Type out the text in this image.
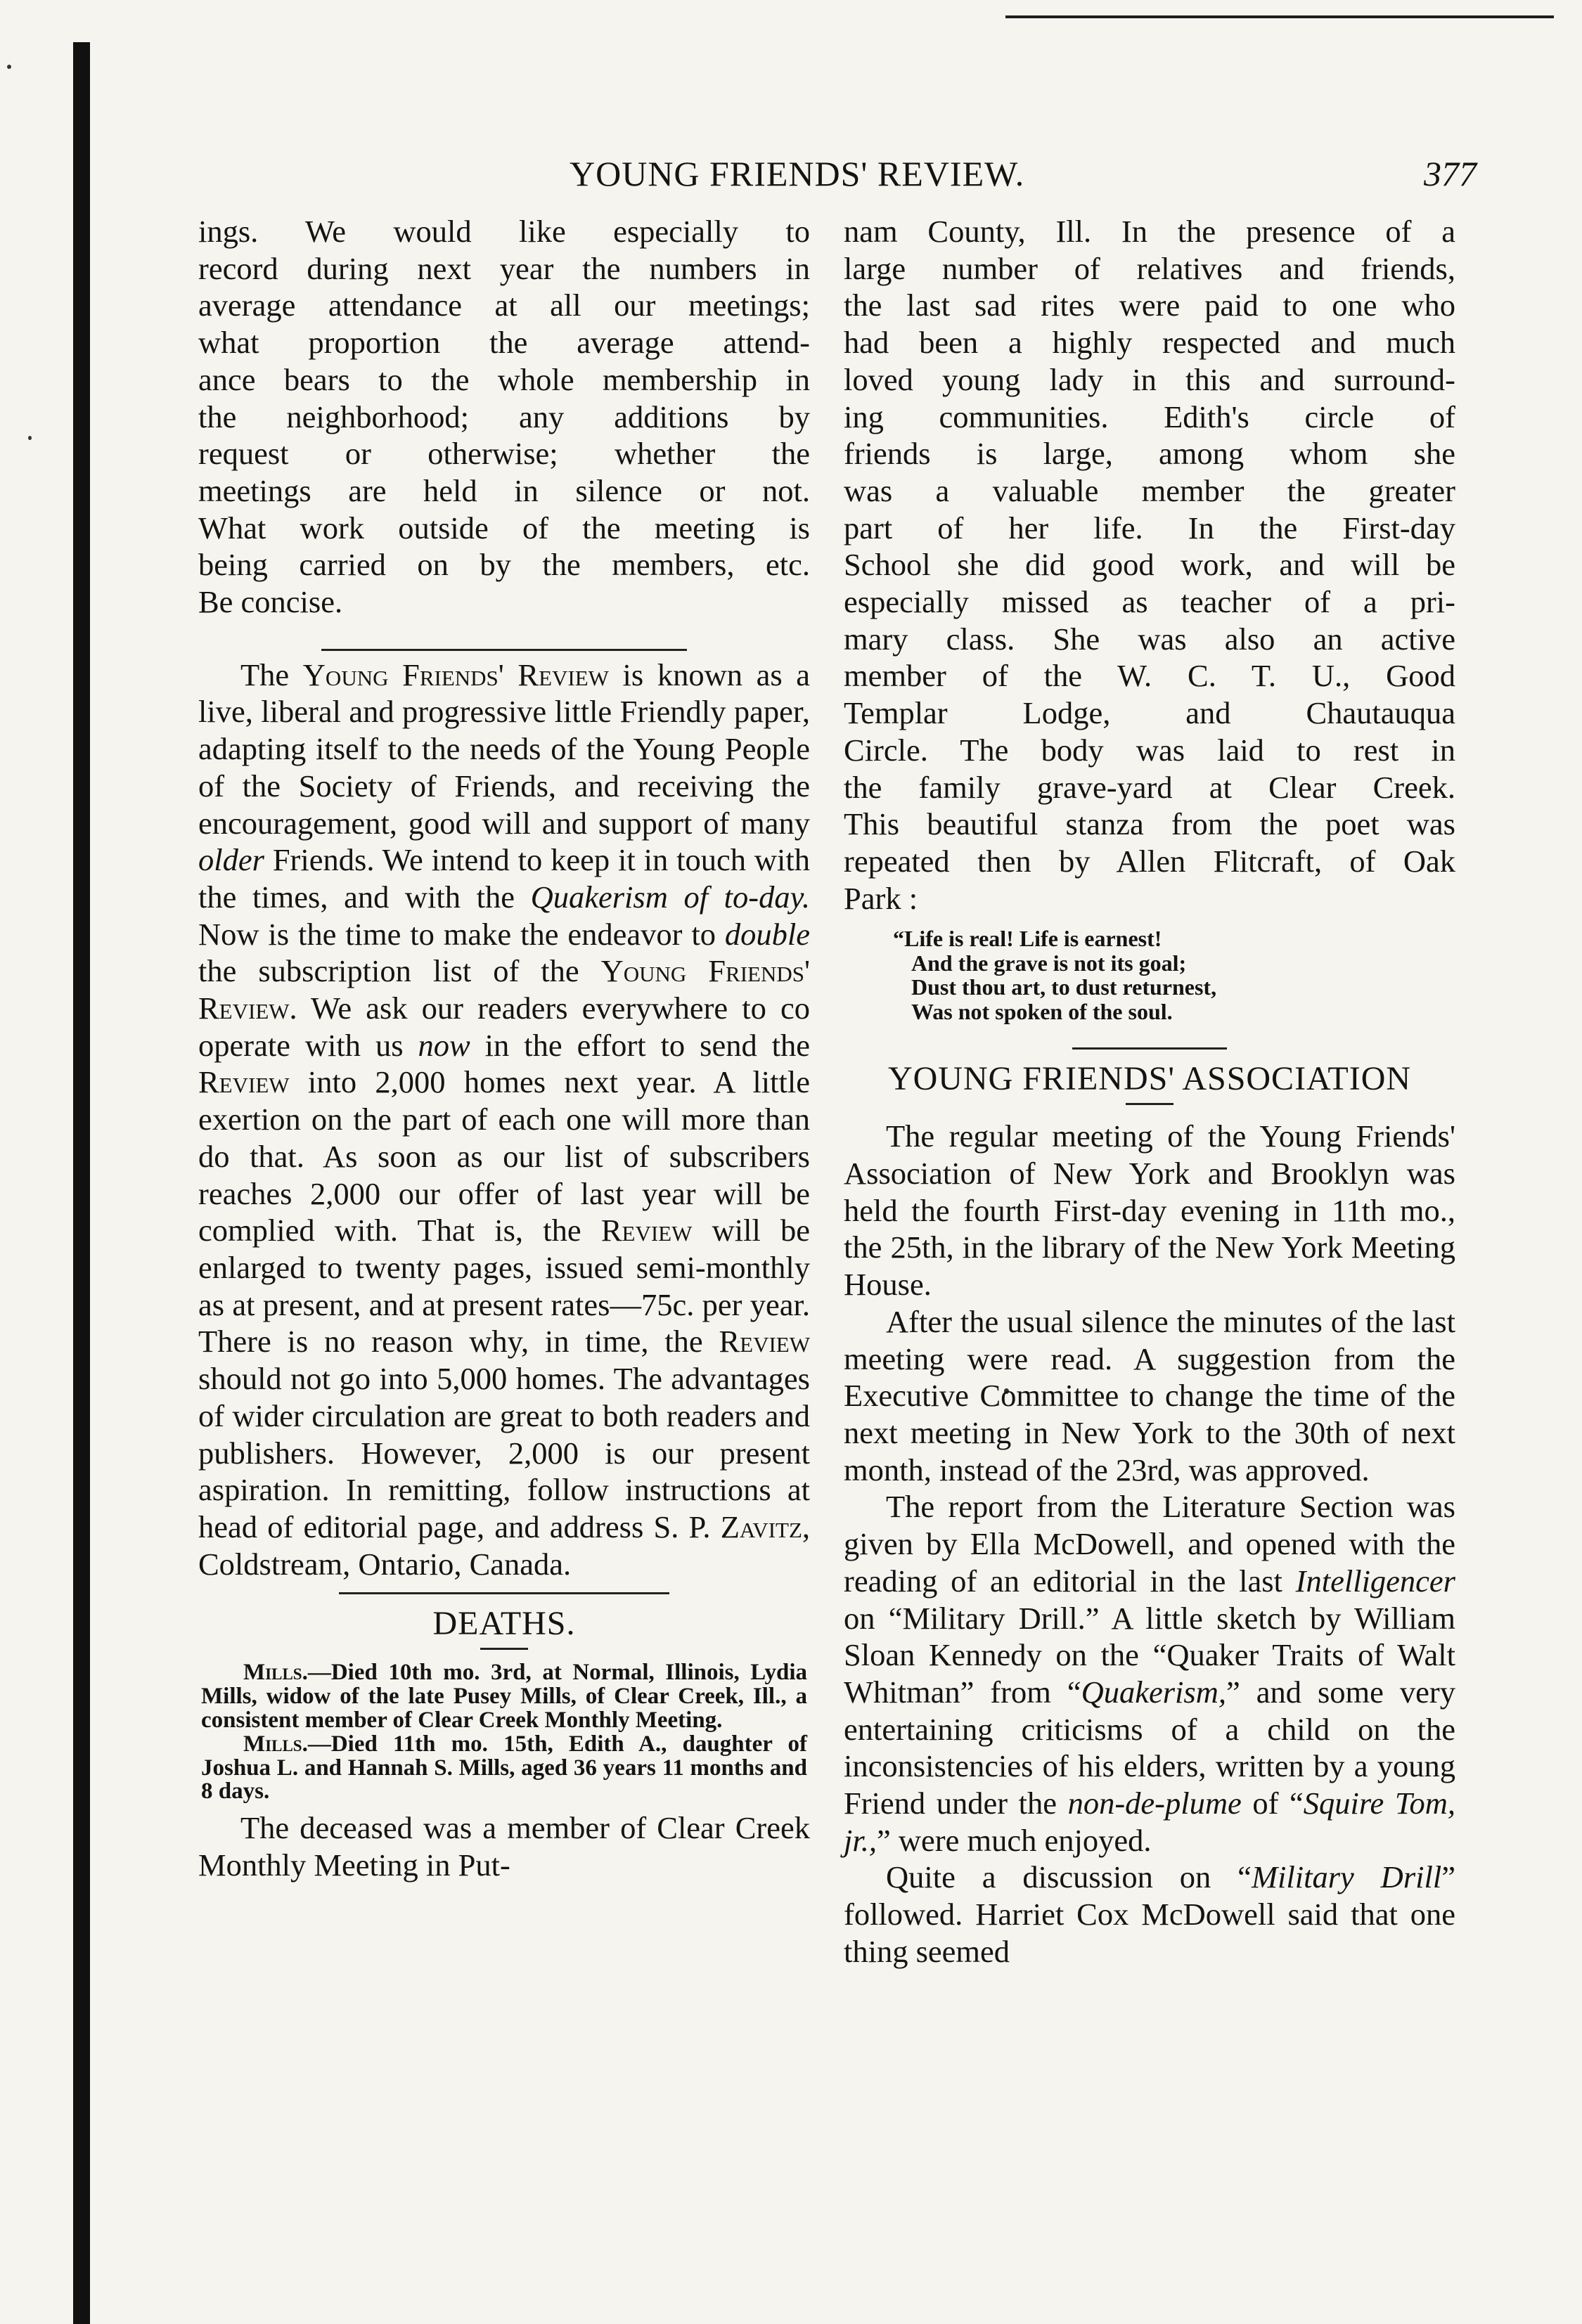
YOUNG FRIENDS' REVIEW.	377

ings. We would like especially to
record during next year the numbers in
average attendance at all our meetings;
what proportion the average attend-
ance bears to the whole membership in
the neighborhood; any additions by
request or otherwise; whether the
meetings are held in silence or not.
What work outside of the meeting is
being carried on by the members, etc.
Be concise.

The Young Friends' Review is known as a live, liberal and progressive little Friendly paper, adapting itself to the needs of the Young People of the Society of Friends, and receiving the encouragement, good will and support of many older Friends. We intend to keep it in touch with the times, and with the Quakerism of to-day. Now is the time to make the endeavor to double the subscription list of the Young Friends' Review. We ask our readers everywhere to co operate with us now in the effort to send the Review into 2,000 homes next year. A little exertion on the part of each one will more than do that. As soon as our list of subscribers reaches 2,000 our offer of last year will be complied with. That is, the Review will be enlarged to twenty pages, issued semi-monthly as at present, and at present rates—75c. per year. There is no reason why, in time, the Review should not go into 5,000 homes. The advantages of wider circulation are great to both readers and publishers. However, 2,000 is our present aspiration. In remitting, follow instructions at head of editorial page, and address S. P. Zavitz, Coldstream, Ontario, Canada.

DEATHS.

Mills.—Died 10th mo. 3rd, at Normal, Illinois, Lydia Mills, widow of the late Pusey Mills, of Clear Creek, Ill., a consistent member of Clear Creek Monthly Meeting.

Mills.—Died 11th mo. 15th, Edith A., daughter of Joshua L. and Hannah S. Mills, aged 36 years 11 months and 8 days.

The deceased was a member of Clear Creek Monthly Meeting in Put-

nam County, Ill. In the presence of a
large number of relatives and friends,
the last sad rites were paid to one who
had been a highly respected and much
loved young lady in this and surround-
ing communities. Edith's circle of
friends is large, among whom she
was a valuable member the greater
part of her life. In the First-day
School she did good work, and will be
especially missed as teacher of a pri-
mary class. She was also an active
member of the W. C. T. U., Good
Templar Lodge, and Chautauqua
Circle. The body was laid to rest in
the family grave-yard at Clear Creek.
This beautiful stanza from the poet was
repeated then by Allen Flitcraft, of Oak
Park :

“Life is real! Life is earnest!
And the grave is not its goal;
Dust thou art, to dust returnest,
Was not spoken of the soul.
YOUNG FRIENDS' ASSOCIATION

The regular meeting of the Young Friends' Association of New York and Brooklyn was held the fourth First-day evening in 11th mo., the 25th, in the library of the New York Meeting House.

After the usual silence the minutes of the last meeting were read. A suggestion from the Executive Committee to change the time of the next meeting in New York to the 30th of next month, instead of the 23rd, was approved.

The report from the Literature Section was given by Ella McDowell, and opened with the reading of an editorial in the last Intelligencer on “Military Drill.” A little sketch by William Sloan Kennedy on the “Quaker Traits of Walt Whitman” from “Quakerism,” and some very entertaining criticisms of a child on the inconsistencies of his elders, written by a young Friend under the non-de-plume of “Squire Tom, jr.,” were much enjoyed.

Quite a discussion on “Military Drill” followed. Harriet Cox McDowell said that one thing seemed
